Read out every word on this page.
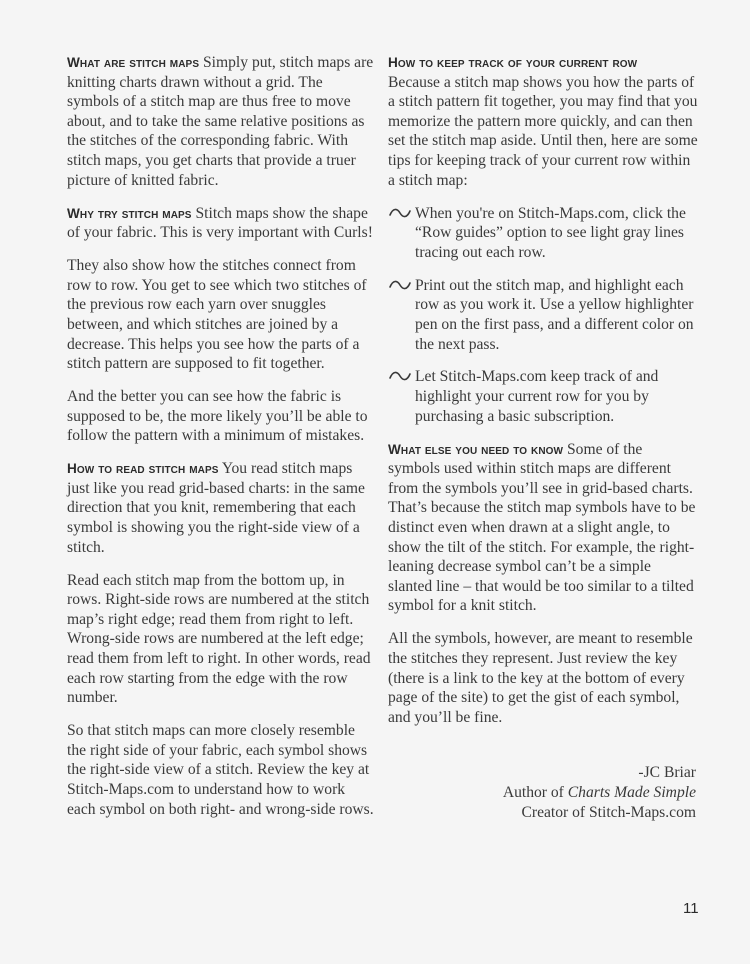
What are stitch maps Simply put, stitch maps are knitting charts drawn without a grid. The symbols of a stitch map are thus free to move about, and to take the same relative positions as the stitches of the corresponding fabric. With stitch maps, you get charts that provide a truer picture of knitted fabric.

Why try stitch maps Stitch maps show the shape of your fabric. This is very important with Curls!

They also show how the stitches connect from row to row. You get to see which two stitches of the previous row each yarn over snuggles between, and which stitches are joined by a decrease. This helps you see how the parts of a stitch pattern are supposed to fit together.

And the better you can see how the fabric is supposed to be, the more likely you’ll be able to follow the pattern with a minimum of mistakes.

How to read stitch maps You read stitch maps just like you read grid-based charts: in the same direction that you knit, remembering that each symbol is showing you the right-side view of a stitch.

Read each stitch map from the bottom up, in rows. Right-side rows are numbered at the stitch map’s right edge; read them from right to left. Wrong-side rows are numbered at the left edge; read them from left to right. In other words, read each row starting from the edge with the row number.

So that stitch maps can more closely resemble the right side of your fabric, each symbol shows the right-side view of a stitch. Review the key at Stitch-Maps.com to understand how to work each symbol on both right- and wrong-side rows.

How to keep track of your current row
Because a stitch map shows you how the parts of a stitch pattern fit together, you may find that you memorize the pattern more quickly, and can then set the stitch map aside. Until then, here are some tips for keeping track of your current row within a stitch map:

When you're on Stitch-Maps.com, click the “Row guides” option to see light gray lines tracing out each row.
Print out the stitch map, and highlight each row as you work it. Use a yellow highlighter pen on the first pass, and a different color on the next pass.
Let Stitch-Maps.com keep track of and highlight your current row for you by purchasing a basic subscription.

What else you need to know Some of the symbols used within stitch maps are different from the symbols you’ll see in grid-based charts. That’s because the stitch map symbols have to be distinct even when drawn at a slight angle, to show the tilt of the stitch. For example, the right-leaning decrease symbol can’t be a simple slanted line – that would be too similar to a tilted symbol for a knit stitch.

All the symbols, however, are meant to resemble the stitches they represent. Just review the key (there is a link to the key at the bottom of every page of the site) to get the gist of each symbol, and you’ll be fine.

-JC Briar
Author of Charts Made Simple
Creator of Stitch-Maps.com
11
